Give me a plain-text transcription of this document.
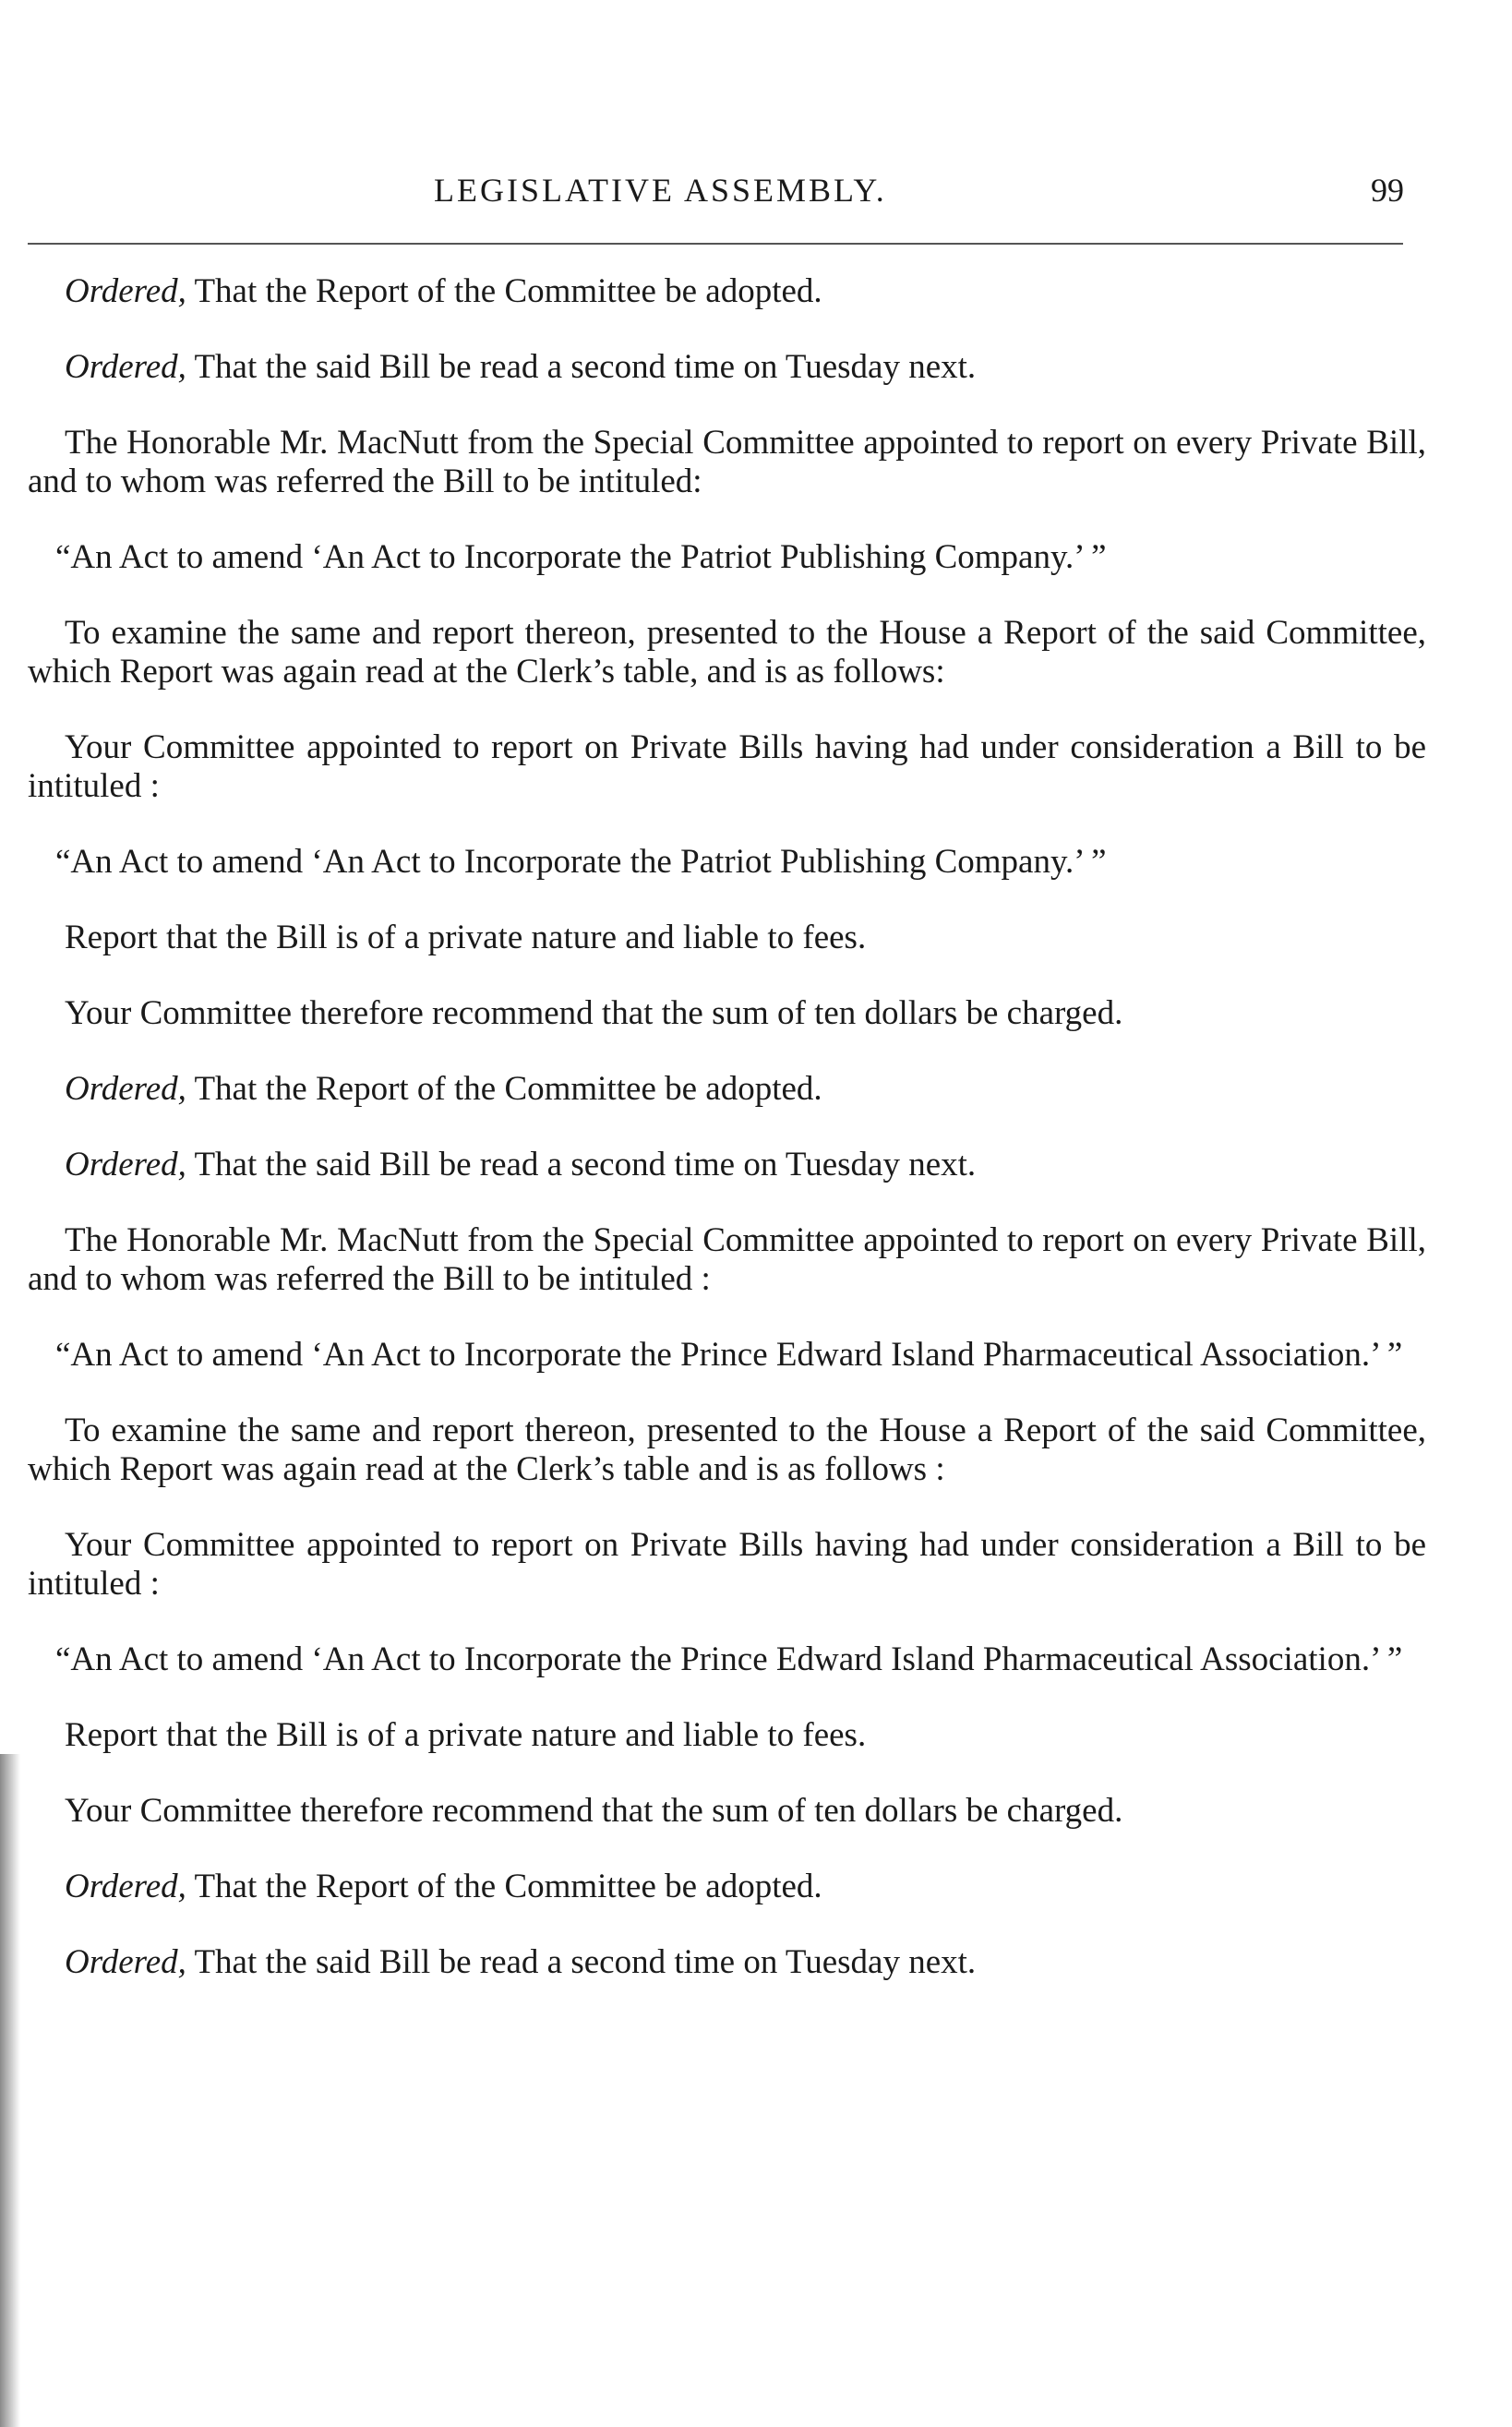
LEGISLATIVE ASSEMBLY.	99

Ordered, That the Report of the Committee be adopted.

Ordered, That the said Bill be read a second time on Tuesday next.

The Honorable Mr. MacNutt from the Special Committee appointed to report on every Private Bill, and to whom was referred the Bill to be intituled:

“An Act to amend ‘An Act to Incorporate the Patriot Publishing Company.’ ”

To examine the same and report thereon, presented to the House a Report of the said Committee, which Report was again read at the Clerk’s table, and is as follows:

Your Committee appointed to report on Private Bills having had under consideration a Bill to be intituled :

“An Act to amend ‘An Act to Incorporate the Patriot Publishing Company.’ ”

Report that the Bill is of a private nature and liable to fees.

Your Committee therefore recommend that the sum of ten dollars be charged.

Ordered, That the Report of the Committee be adopted.

Ordered, That the said Bill be read a second time on Tuesday next.

The Honorable Mr. MacNutt from the Special Committee appointed to report on every Private Bill, and to whom was referred the Bill to be intituled :

“An Act to amend ‘An Act to Incorporate the Prince Edward Island Pharmaceutical Association.’ ”

To examine the same and report thereon, presented to the House a Report of the said Committee, which Report was again read at the Clerk’s table and is as follows :

Your Committee appointed to report on Private Bills having had under consideration a Bill to be intituled :

“An Act to amend ‘An Act to Incorporate the Prince Edward Island Pharmaceutical Association.’ ”

Report that the Bill is of a private nature and liable to fees.

Your Committee therefore recommend that the sum of ten dollars be charged.

Ordered, That the Report of the Committee be adopted.

Ordered, That the said Bill be read a second time on Tuesday next.
